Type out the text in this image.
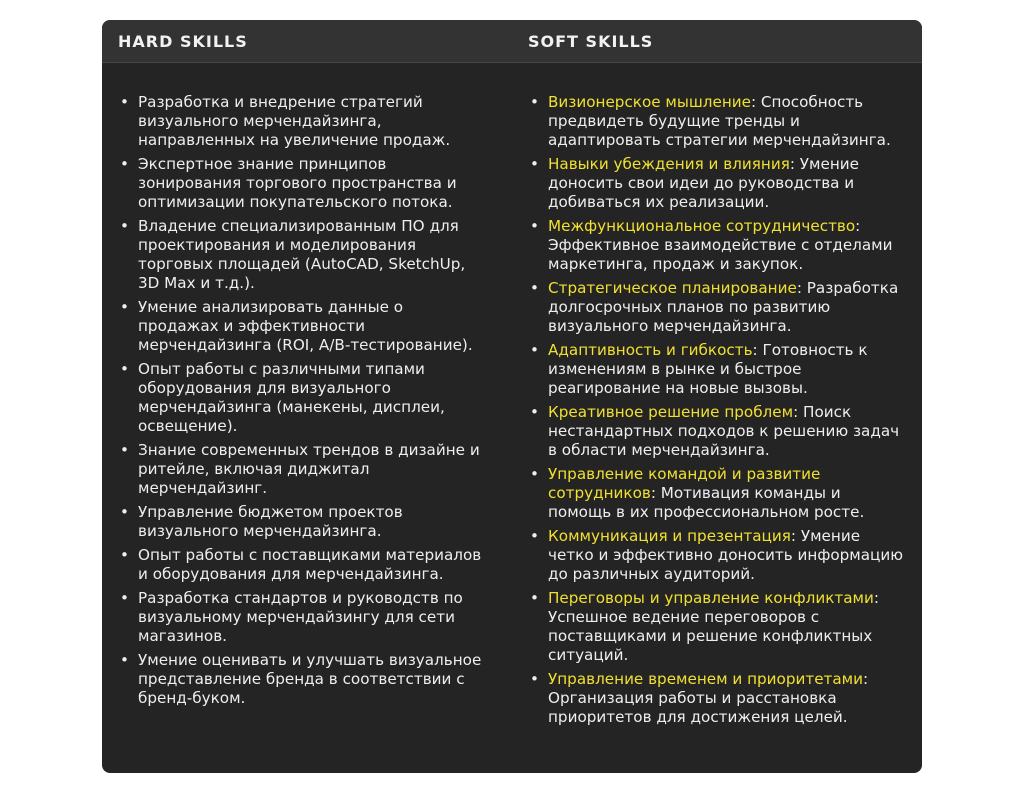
HARD SKILLS	SOFT SKILLS
• Разработка и внедрение стратегий визуального мерчендайзинга, направленных на увеличение продаж.
• Экспертное знание принципов зонирования торгового пространства и оптимизации покупательского потока.
• Владение специализированным ПО для проектирования и моделирования торговых площадей (AutoCAD, SketchUp, 3D Max и т.д.).
• Умение анализировать данные о продажах и эффективности мерчендайзинга (ROI, A/B-тестирование).
• Опыт работы с различными типами оборудования для визуального мерчендайзинга (манекены, дисплеи, освещение).
• Знание современных трендов в дизайне и ритейле, включая диджитал мерчендайзинг.
• Управление бюджетом проектов визуального мерчендайзинга.
• Опыт работы с поставщиками материалов и оборудования для мерчендайзинга.
• Разработка стандартов и руководств по визуальному мерчендайзингу для сети магазинов.
• Умение оценивать и улучшать визуальное представление бренда в соответствии с бренд-буком.
• Визионерское мышление: Способность предвидеть будущие тренды и адаптировать стратегии мерчендайзинга.
• Навыки убеждения и влияния: Умение доносить свои идеи до руководства и добиваться их реализации.
• Межфункциональное сотрудничество: Эффективное взаимодействие с отделами маркетинга, продаж и закупок.
• Стратегическое планирование: Разработка долгосрочных планов по развитию визуального мерчендайзинга.
• Адаптивность и гибкость: Готовность к изменениям в рынке и быстрое реагирование на новые вызовы.
• Креативное решение проблем: Поиск нестандартных подходов к решению задач в области мерчендайзинга.
• Управление командой и развитие сотрудников: Мотивация команды и помощь в их профессиональном росте.
• Коммуникация и презентация: Умение четко и эффективно доносить информацию до различных аудиторий.
• Переговоры и управление конфликтами: Успешное ведение переговоров с поставщиками и решение конфликтных ситуаций.
• Управление временем и приоритетами: Организация работы и расстановка приоритетов для достижения целей.
